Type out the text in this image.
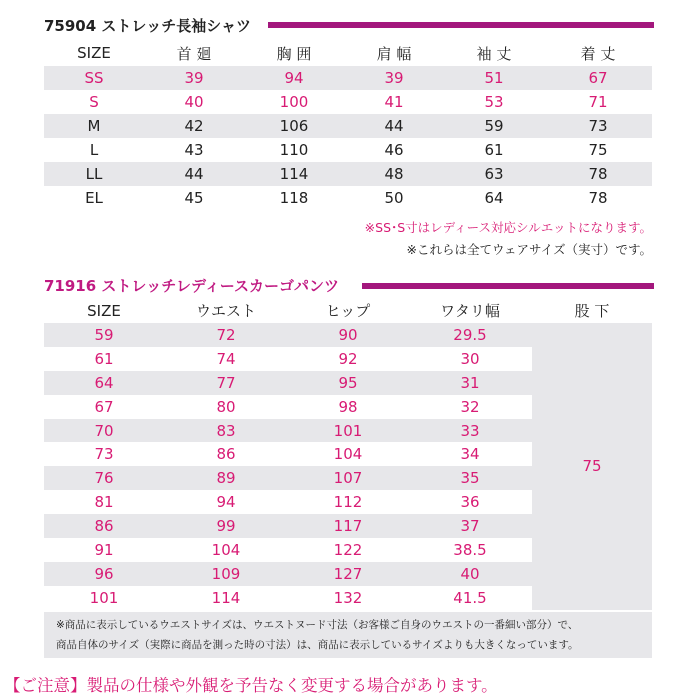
75904 ストレッチ長袖シャツ
SIZE	首 廻	胸 囲	肩 幅	袖 丈	着 丈
SS	39	94	39	51	67
S	40	100	41	53	71
M	42	106	44	59	73
L	43	110	46	61	75
LL	44	114	48	63	78
EL	45	118	50	64	78
※SS･S寸はレディース対応シルエットになります。
※これらは全てウェアサイズ（実寸）です。
71916 ストレッチレディースカーゴパンツ
SIZE	ウエスト	ヒップ	ワタリ幅	股 下
59	72	90	29.5	75
61	74	92	30	
64	77	95	31	
67	80	98	32	
70	83	101	33	
73	86	104	34	
76	89	107	35	
81	94	112	36	
86	99	117	37	
91	104	122	38.5	
96	109	127	40	
101	114	132	41.5	
※商品に表示しているウエストサイズは、ウエストヌード寸法（お客様ご自身のウエストの一番細い部分）で、
商品自体のサイズ（実際に商品を測った時の寸法）は、商品に表示しているサイズよりも大きくなっています。
【ご注意】製品の仕様や外観を予告なく変更する場合があります。
